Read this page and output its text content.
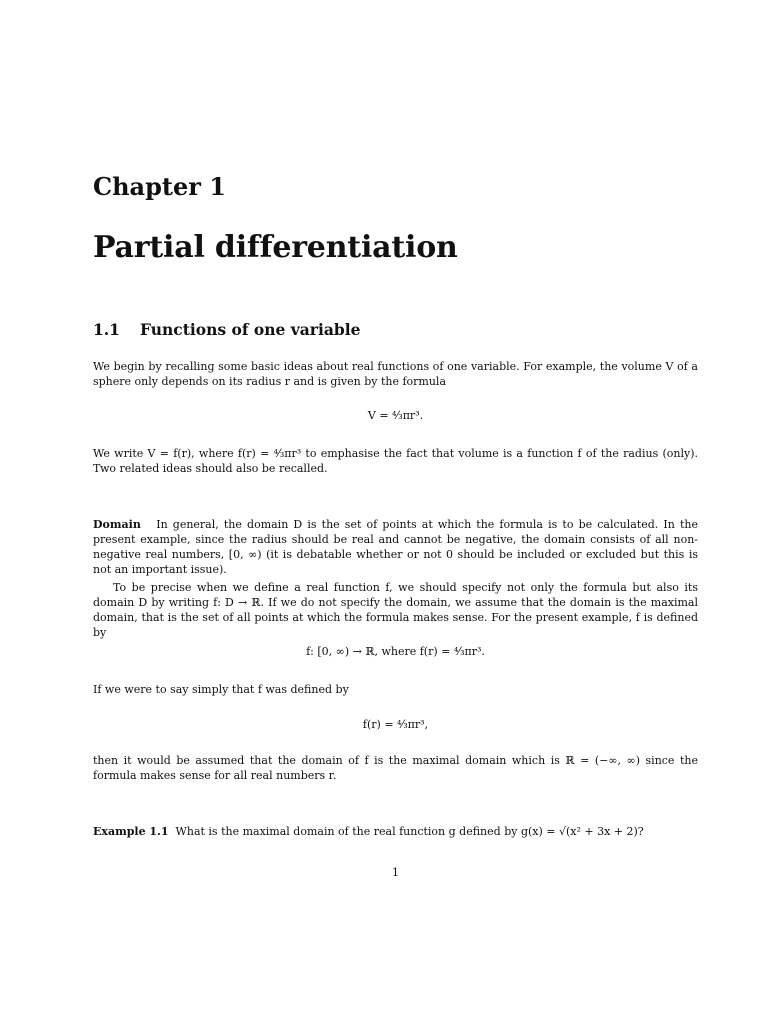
Chapter 1
Partial differentiation
1.1 Functions of one variable

We begin by recalling some basic ideas about real functions of one variable. For example, the volume V of a sphere only depends on its radius r and is given by the formula

V = ⁴⁄₃πr³.

We write V = f(r), where f(r) = ⁴⁄₃πr³ to emphasise the fact that volume is a function f of the radius (only). Two related ideas should also be recalled.

Domain In general, the domain D is the set of points at which the formula is to be calculated. In the present example, since the radius should be real and cannot be negative, the domain consists of all non-negative real numbers, [0, ∞) (it is debatable whether or not 0 should be included or excluded but this is not an important issue).

To be precise when we define a real function f, we should specify not only the formula but also its domain D by writing f: D → ℝ. If we do not specify the domain, we assume that the domain is the maximal domain, that is the set of all points at which the formula makes sense. For the present example, f is defined by

f: [0, ∞) → ℝ, where f(r) = ⁴⁄₃πr³.

If we were to say simply that f was defined by

f(r) = ⁴⁄₃πr³,

then it would be assumed that the domain of f is the maximal domain which is ℝ = (−∞, ∞) since the formula makes sense for all real numbers r.

Example 1.1 What is the maximal domain of the real function g defined by g(x) = √(x² + 3x + 2)?

1
